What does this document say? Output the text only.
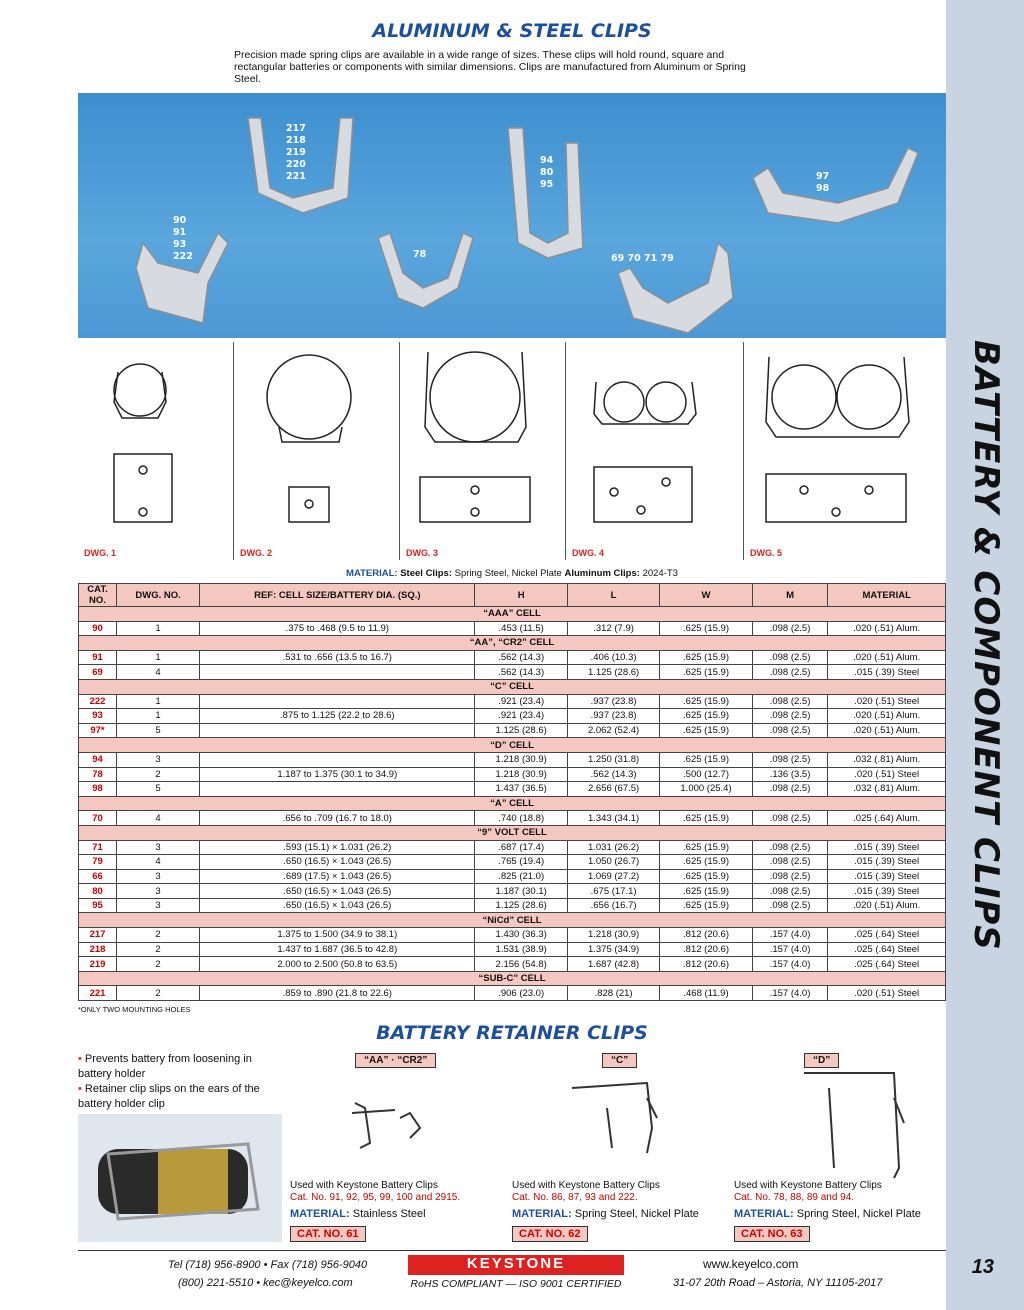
BATTERY & COMPONENT CLIPS
13
ALUMINUM & STEEL CLIPS

Precision made spring clips are available in a wide range of sizes. These clips will hold round, square and rectangular batteries or components with similar dimensions. Clips are manufactured from Aluminum or Spring Steel.

90
91
93
222
217
218
219
220
221
78
94
80
95
69 70 71 79
97
98
DWG. 1	DWG. 2	DWG. 3	DWG. 4	DWG. 5
MATERIAL: Steel Clips: Spring Steel, Nickel Plate Aluminum Clips: 2024-T3
CAT. NO.	DWG. NO.	REF: CELL SIZE/BATTERY DIA. (SQ.)	H	L	W	M	MATERIAL
“AAA” CELL							
90	1	.375 to .468 (9.5 to 11.9)	.453 (11.5)	.312 (7.9)	.625 (15.9)	.098 (2.5)	.020 (.51) Alum.
“AA”, “CR2” CELL							
91	1	.531 to .656 (13.5 to 16.7)	.562 (14.3)	.406 (10.3)	.625 (15.9)	.098 (2.5)	.020 (.51) Alum.
69	4		.562 (14.3)	1.125 (28.6)	.625 (15.9)	.098 (2.5)	.015 (.39) Steel
“C” CELL							
222	1		.921 (23.4)	.937 (23.8)	.625 (15.9)	.098 (2.5)	.020 (.51) Steel
93	1	.875 to 1.125 (22.2 to 28.6)	.921 (23.4)	.937 (23.8)	.625 (15.9)	.098 (2.5)	.020 (.51) Alum.
97*	5		1.125 (28.6)	2.062 (52.4)	.625 (15.9)	.098 (2.5)	.020 (.51) Alum.
“D” CELL							
94	3		1.218 (30.9)	1.250 (31.8)	.625 (15.9)	.098 (2.5)	.032 (.81) Alum.
78	2	1.187 to 1.375 (30.1 to 34.9)	1.218 (30.9)	.562 (14.3)	.500 (12.7)	.136 (3.5)	.020 (.51) Steel
98	5		1.437 (36.5)	2.656 (67.5)	1.000 (25.4)	.098 (2.5)	.032 (.81) Alum.
“A” CELL							
70	4	.656 to .709 (16.7 to 18.0)	.740 (18.8)	1.343 (34.1)	.625 (15.9)	.098 (2.5)	.025 (.64) Alum.
“9” VOLT CELL							
71	3	.593 (15.1) × 1.031 (26.2)	.687 (17.4)	1.031 (26.2)	.625 (15.9)	.098 (2.5)	.015 (.39) Steel
79	4	.650 (16.5) × 1.043 (26.5)	.765 (19.4)	1.050 (26.7)	.625 (15.9)	.098 (2.5)	.015 (.39) Steel
66	3	.689 (17.5) × 1.043 (26.5)	.825 (21.0)	1.069 (27.2)	.625 (15.9)	.098 (2.5)	.015 (.39) Steel
80	3	.650 (16.5) × 1.043 (26.5)	1.187 (30.1)	.675 (17.1)	.625 (15.9)	.098 (2.5)	.015 (.39) Steel
95	3	.650 (16.5) × 1.043 (26.5)	1.125 (28.6)	.656 (16.7)	.625 (15.9)	.098 (2.5)	.020 (.51) Alum.
“NiCd” CELL							
217	2	1.375 to 1.500 (34.9 to 38.1)	1.430 (36.3)	1.218 (30.9)	.812 (20.6)	.157 (4.0)	.025 (.64) Steel
218	2	1.437 to 1.687 (36.5 to 42.8)	1.531 (38.9)	1.375 (34.9)	.812 (20.6)	.157 (4.0)	.025 (.64) Steel
219	2	2.000 to 2.500 (50.8 to 63.5)	2.156 (54.8)	1.687 (42.8)	.812 (20.6)	.157 (4.0)	.025 (.64) Steel
“SUB-C” CELL							
221	2	.859 to .890 (21.8 to 22.6)	.906 (23.0)	.828 (21)	.468 (11.9)	.157 (4.0)	.020 (.51) Steel
*ONLY TWO MOUNTING HOLES
BATTERY RETAINER CLIPS
• Prevents battery from loosening in battery holder
• Retainer clip slips on the ears of the battery holder clip
“AA” · “CR2”
Used with Keystone Battery Clips
Cat. No. 91, 92, 95, 99, 100 and 2915.
MATERIAL: Stainless Steel
CAT. NO. 61
“C”
Used with Keystone Battery Clips
Cat. No. 86, 87, 93 and 222.
MATERIAL: Spring Steel, Nickel Plate
CAT. NO. 62
“D”
Used with Keystone Battery Clips
Cat. No. 78, 88, 89 and 94.
MATERIAL: Spring Steel, Nickel Plate
CAT. NO. 63
Tel (718) 956-8900 • Fax (718) 956-9040
(800) 221-5510 • kec@keyelco.com
KEYSTONE
RoHS COMPLIANT — ISO 9001 CERTIFIED
www.keyelco.com
31-07 20th Road – Astoria, NY 11105-2017
